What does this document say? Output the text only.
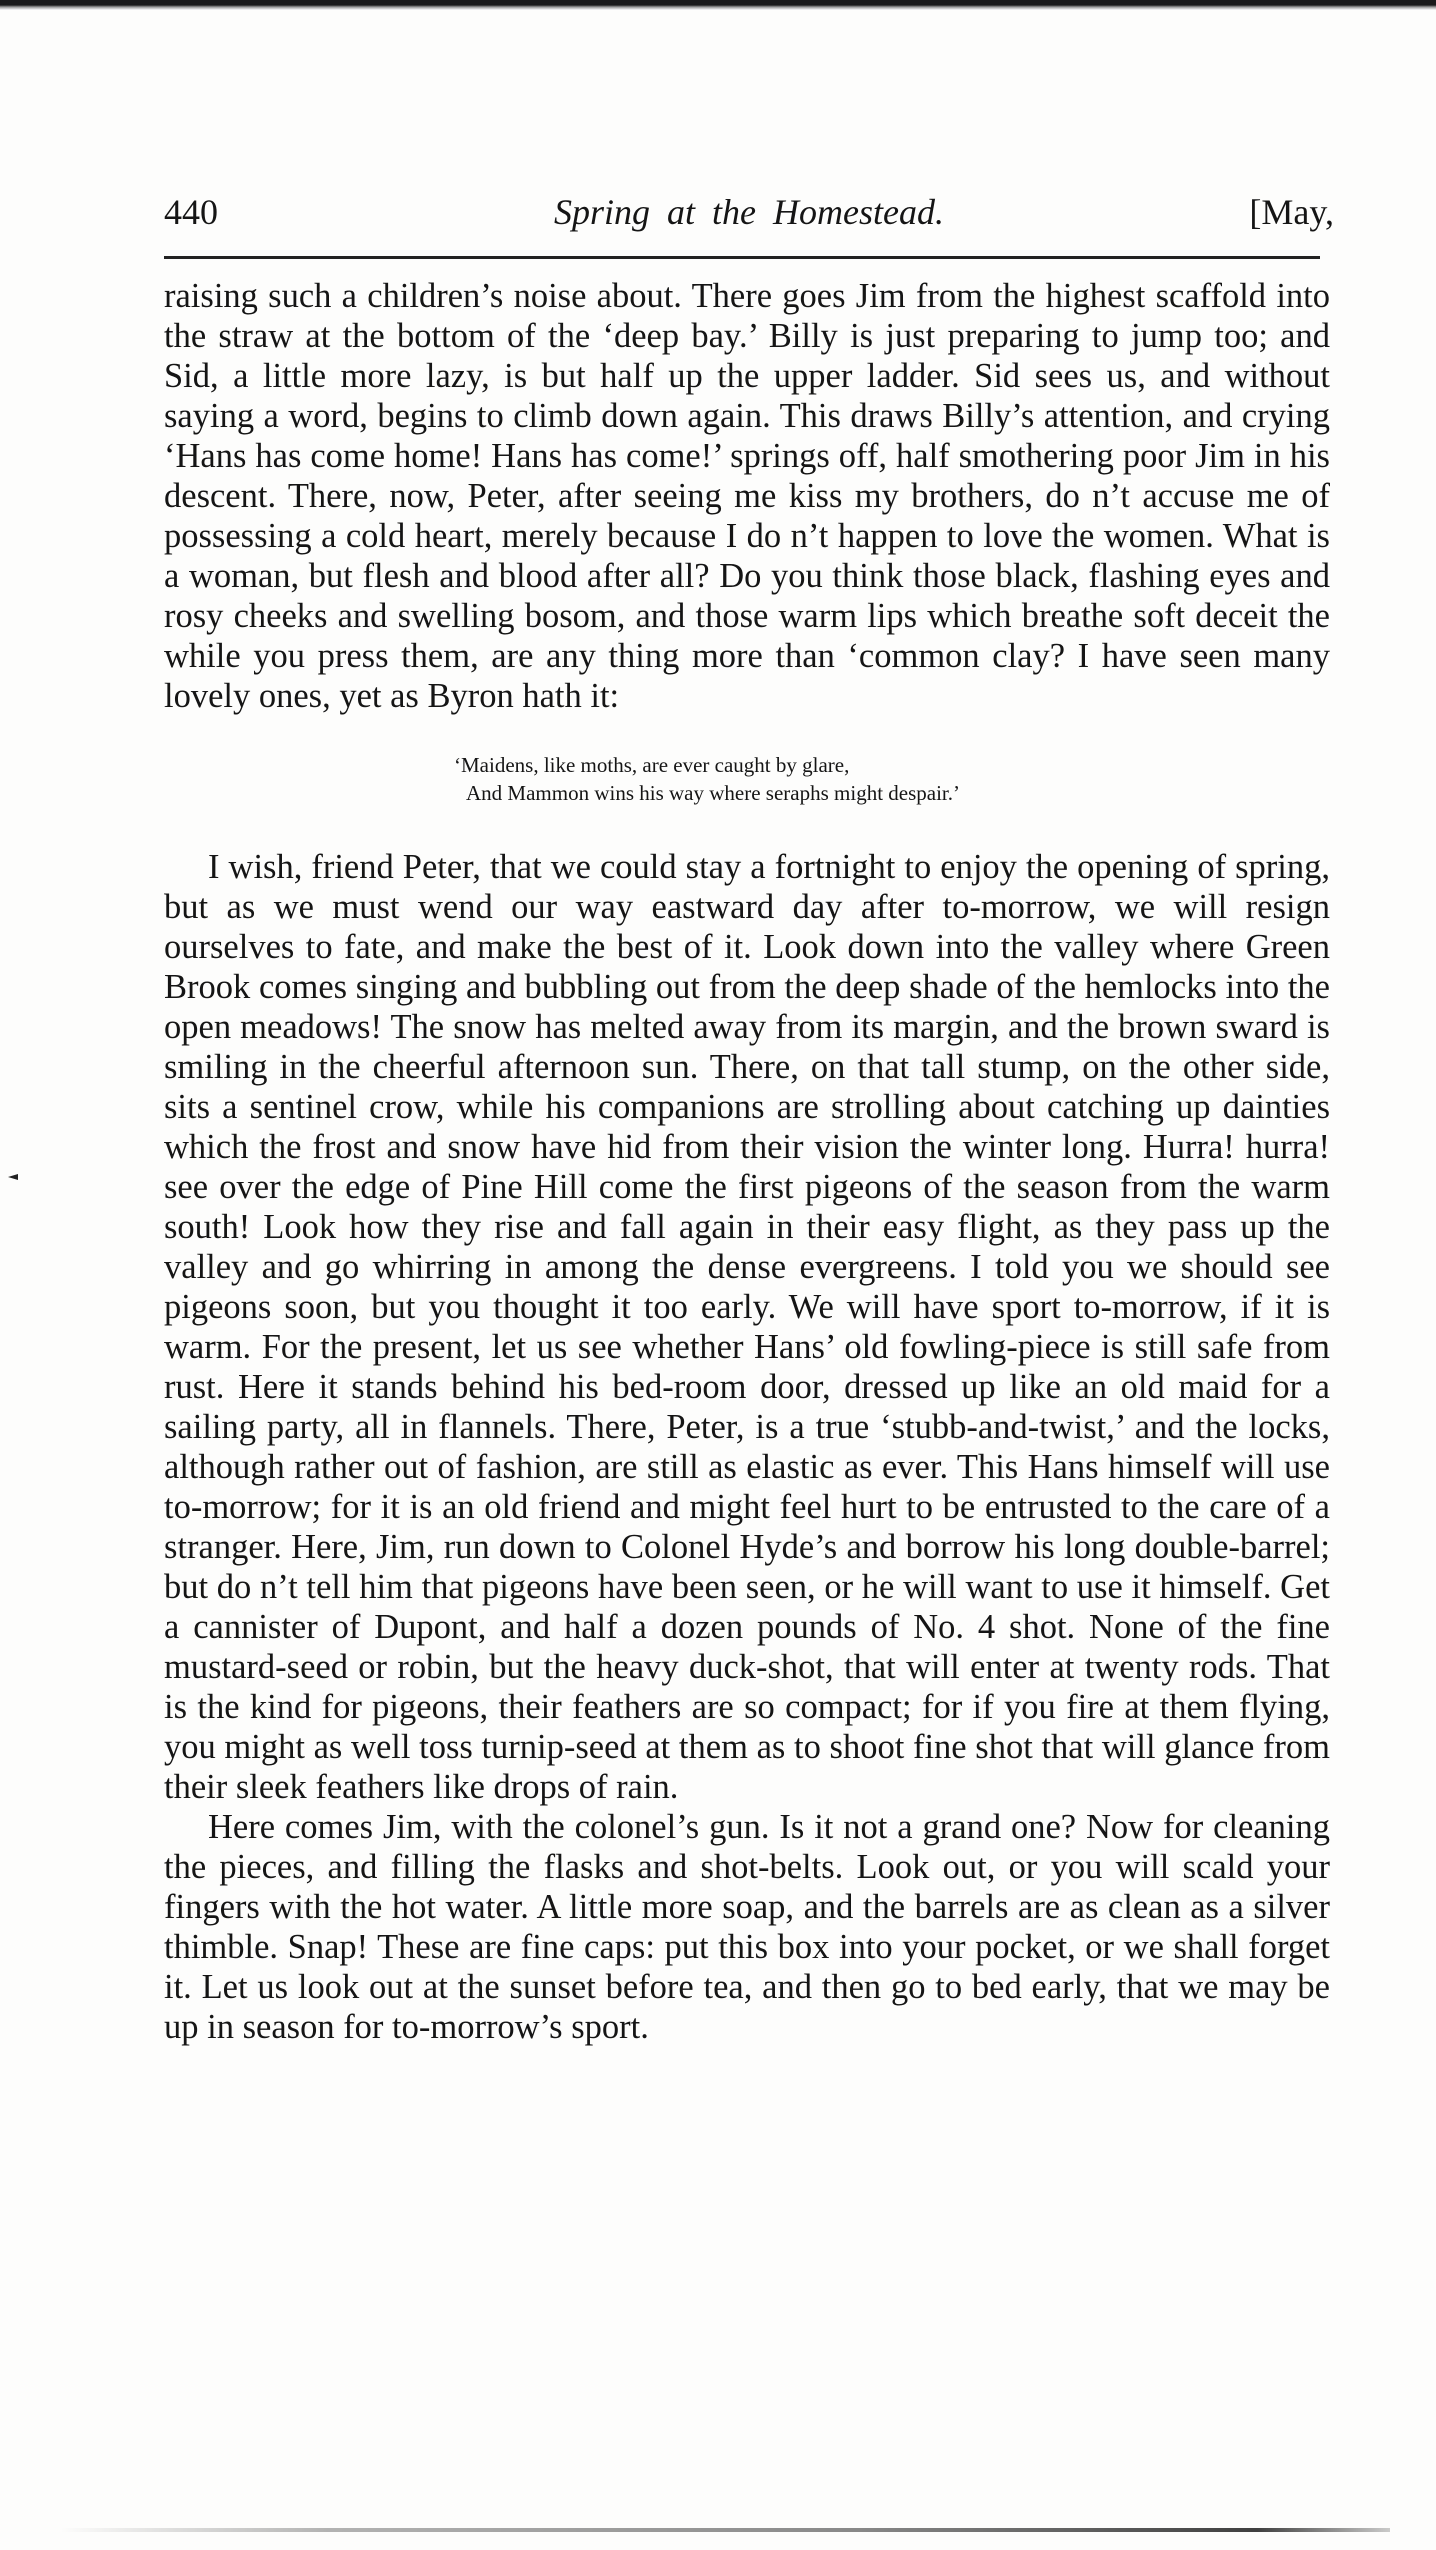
440	Spring at the Homestead.	[May,

raising such a children’s noise about. There goes Jim from the highest scaffold into the straw at the bottom of the ‘deep bay.’ Billy is just preparing to jump too; and Sid, a little more lazy, is but half up the upper ladder. Sid sees us, and without saying a word, begins to climb down again. This draws Billy’s attention, and crying ‘Hans has come home! Hans has come!’ springs off, half smothering poor Jim in his descent. There, now, Peter, after seeing me kiss my brothers, do n’t accuse me of possessing a cold heart, merely because I do n’t happen to love the women. What is a woman, but flesh and blood after all? Do you think those black, flashing eyes and rosy cheeks and swelling bosom, and those warm lips which breathe soft deceit the while you press them, are any thing more than ‘common clay? I have seen many lovely ones, yet as Byron hath it:

‘Maidens, like moths, are ever caught by glare,
And Mammon wins his way where seraphs might despair.’

I wish, friend Peter, that we could stay a fortnight to enjoy the opening of spring, but as we must wend our way eastward day after to-morrow, we will resign ourselves to fate, and make the best of it. Look down into the valley where Green Brook comes singing and bubbling out from the deep shade of the hemlocks into the open meadows! The snow has melted away from its margin, and the brown sward is smiling in the cheerful afternoon sun. There, on that tall stump, on the other side, sits a sentinel crow, while his companions are strolling about catching up dainties which the frost and snow have hid from their vision the winter long. Hurra! hurra! see over the edge of Pine Hill come the first pigeons of the season from the warm south! Look how they rise and fall again in their easy flight, as they pass up the valley and go whirring in among the dense evergreens. I told you we should see pigeons soon, but you thought it too early. We will have sport to-morrow, if it is warm. For the present, let us see whether Hans’ old fowling-piece is still safe from rust. Here it stands behind his bed-room door, dressed up like an old maid for a sailing party, all in flannels. There, Peter, is a true ‘stubb-and-twist,’ and the locks, although rather out of fashion, are still as elastic as ever. This Hans himself will use to-morrow; for it is an old friend and might feel hurt to be entrusted to the care of a stranger. Here, Jim, run down to Colonel Hyde’s and borrow his long double-barrel; but do n’t tell him that pigeons have been seen, or he will want to use it himself. Get a cannister of Dupont, and half a dozen pounds of No. 4 shot. None of the fine mustard-seed or robin, but the heavy duck-shot, that will enter at twenty rods. That is the kind for pigeons, their feathers are so compact; for if you fire at them flying, you might as well toss turnip-seed at them as to shoot fine shot that will glance from their sleek feathers like drops of rain.

Here comes Jim, with the colonel’s gun. Is it not a grand one? Now for cleaning the pieces, and filling the flasks and shot-belts. Look out, or you will scald your fingers with the hot water. A little more soap, and the barrels are as clean as a silver thimble. Snap! These are fine caps: put this box into your pocket, or we shall forget it. Let us look out at the sunset before tea, and then go to bed early, that we may be up in season for to-morrow’s sport.
